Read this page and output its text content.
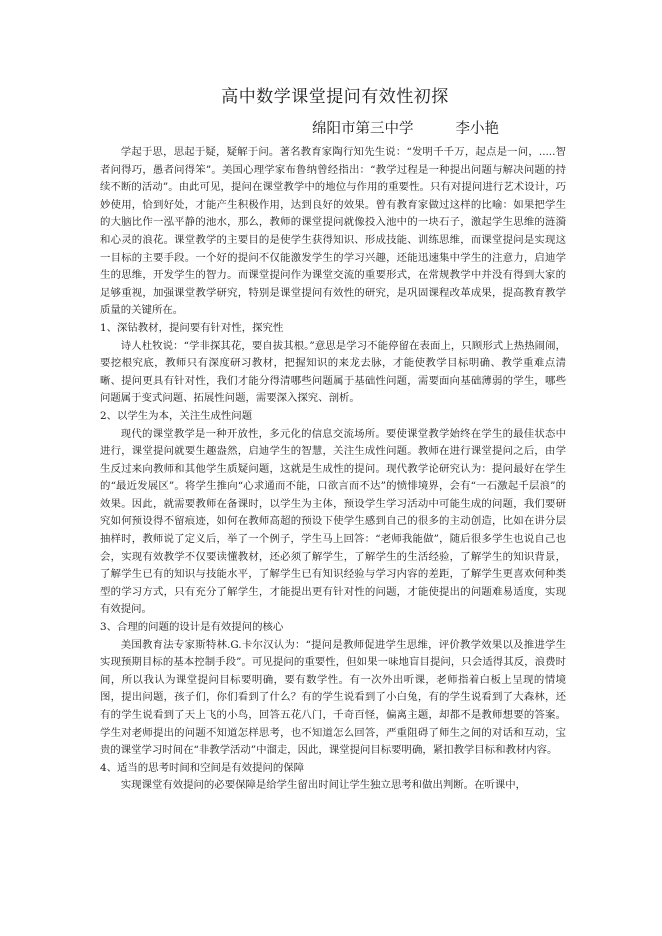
高中数学课堂提问有效性初探
绵阳市第三中学	李小艳

学起于思，思起于疑，疑解于问。著名教育家陶行知先生说：“发明千千万，起点是一问，.....智者问得巧，愚者问得笨”。美国心理学家布鲁纳曾经指出：“教学过程是一种提出问题与解决问题的持续不断的活动”。由此可见，提问在课堂教学中的地位与作用的重要性。只有对提问进行艺术设计，巧妙使用，恰到好处，才能产生积极作用，达到良好的效果。曾有教育家做过这样的比喻：如果把学生的大脑比作一泓平静的池水，那么，教师的课堂提问就像投入池中的一块石子，激起学生思维的涟漪和心灵的浪花。课堂教学的主要目的是使学生获得知识、形成技能、训练思维，而课堂提问是实现这一目标的主要手段。一个好的提问不仅能激发学生的学习兴趣，还能迅速集中学生的注意力，启迪学生的思维，开发学生的智力。而课堂提问作为课堂交流的重要形式，在常规教学中并没有得到大家的足够重视，加强课堂教学研究，特别是课堂提问有效性的研究，是巩固课程改革成果，提高教育教学质量的关键所在。

1、深钻教材，提问要有针对性，探究性

诗人杜牧说：“学非探其花，要自拔其根。”意思是学习不能停留在表面上，只顾形式上热热闹闹，要挖根究底，教师只有深度研习教材，把握知识的来龙去脉，才能使教学目标明确、教学重难点清晰、提问更具有针对性，我们才能分得清哪些问题属于基础性问题，需要面向基础薄弱的学生，哪些问题属于变式问题、拓展性问题，需要深入探究、剖析。

2、以学生为本，关注生成性问题

现代的课堂教学是一种开放性，多元化的信息交流场所。要使课堂教学始终在学生的最佳状态中进行，课堂提问就要生趣盎然，启迪学生的智慧，关注生成性问题。教师在进行课堂提问之后，由学生反过来向教师和其他学生质疑问题，这就是生成性的提问。现代教学论研究认为：提问最好在学生的“最近发展区”。将学生推向“心求通而不能，口欲言而不达”的愤悱境界，会有“一石激起千层浪”的效果。因此，就需要教师在备课时，以学生为主体，预设学生学习活动中可能生成的问题，我们要研究如何预设得不留痕迹，如何在教师高超的预设下使学生感到自己的很多的主动创造，比如在讲分层抽样时，教师说了定义后，举了一个例子，学生马上回答：“老师我能做”，随后很多学生也说自己也会，实现有效教学不仅要读懂教材，还必须了解学生，了解学生的生活经验，了解学生的知识背景，了解学生已有的知识与技能水平，了解学生已有知识经验与学习内容的差距，了解学生更喜欢何种类型的学习方式，只有充分了解学生，才能提出更有针对性的问题，才能使提出的问题难易适度，实现有效提问。

3、合理的问题的设计是有效提问的核心

美国教育法专家斯特林.G.卡尔汉认为：“提问是教师促进学生思维，评价教学效果以及推进学生实现预期目标的基本控制手段”。可见提问的重要性，但如果一味地盲目提问，只会适得其反，浪费时间，所以我认为课堂提问目标要明确，要有数学性。有一次外出听课，老师指着白板上呈现的情境图，提出问题，孩子们，你们看到了什么？有的学生说看到了小白兔，有的学生说看到了大森林，还有的学生说看到了天上飞的小鸟，回答五花八门，千奇百怪，偏离主题，却都不是教师想要的答案。学生对老师提出的问题不知道怎样思考，也不知道怎么回答，严重阻碍了师生之间的对话和互动，宝贵的课堂学习时间在“非教学活动”中溜走，因此，课堂提问目标要明确，紧扣教学目标和教材内容。

4、适当的思考时间和空间是有效提问的保障

实现课堂有效提问的必要保障是给学生留出时间让学生独立思考和做出判断。在听课中，
